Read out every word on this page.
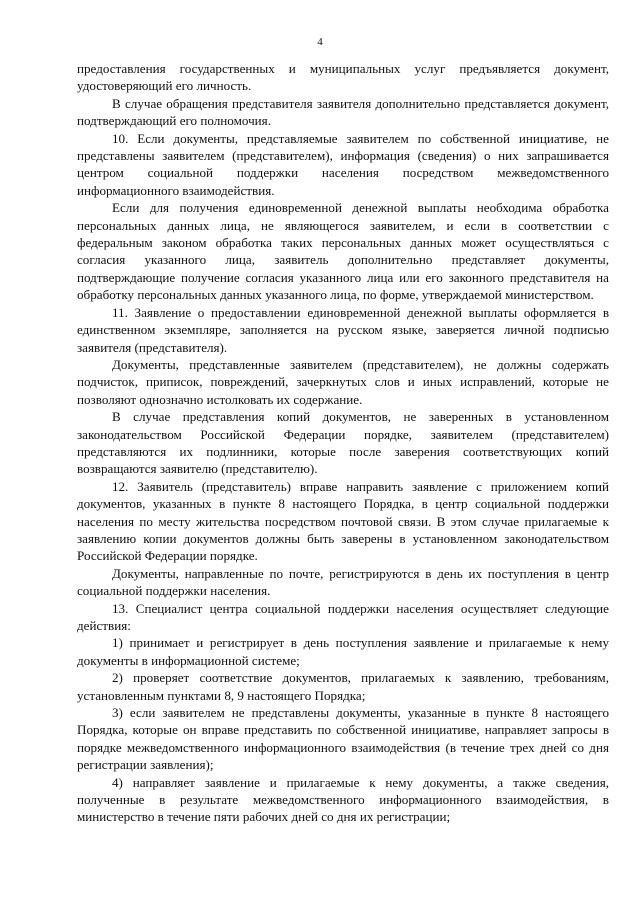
4

предоставления государственных и муниципальных услуг предъявляется документ, удостоверяющий его личность.

В случае обращения представителя заявителя дополнительно представляется документ, подтверждающий его полномочия.

10. Если документы, представляемые заявителем по собственной инициативе, не представлены заявителем (представителем), информация (сведения) о них запрашивается центром социальной поддержки населения посредством межведомственного информационного взаимодействия.

Если для получения единовременной денежной выплаты необходима обработка персональных данных лица, не являющегося заявителем, и если в соответствии с федеральным законом обработка таких персональных данных может осуществляться с согласия указанного лица, заявитель дополнительно представляет документы, подтверждающие получение согласия указанного лица или его законного представителя на обработку персональных данных указанного лица, по форме, утверждаемой министерством.

11. Заявление о предоставлении единовременной денежной выплаты оформляется в единственном экземпляре, заполняется на русском языке, заверяется личной подписью заявителя (представителя).

Документы, представленные заявителем (представителем), не должны содержать подчисток, приписок, повреждений, зачеркнутых слов и иных исправлений, которые не позволяют однозначно истолковать их содержание.

В случае представления копий документов, не заверенных в установленном законодательством Российской Федерации порядке, заявителем (представителем) представляются их подлинники, которые после заверения соответствующих копий возвращаются заявителю (представителю).

12. Заявитель (представитель) вправе направить заявление с приложением копий документов, указанных в пункте 8 настоящего Порядка, в центр социальной поддержки населения по месту жительства посредством почтовой связи. В этом случае прилагаемые к заявлению копии документов должны быть заверены в установленном законодательством Российской Федерации порядке.

Документы, направленные по почте, регистрируются в день их поступления в центр социальной поддержки населения.

13. Специалист центра социальной поддержки населения осуществляет следующие действия:

1) принимает и регистрирует в день поступления заявление и прилагаемые к нему документы в информационной системе;

2) проверяет соответствие документов, прилагаемых к заявлению, требованиям, установленным пунктами 8, 9 настоящего Порядка;

3) если заявителем не представлены документы, указанные в пункте 8 настоящего Порядка, которые он вправе представить по собственной инициативе, направляет запросы в порядке межведомственного информационного взаимодействия (в течение трех дней со дня регистрации заявления);

4) направляет заявление и прилагаемые к нему документы, а также сведения, полученные в результате межведомственного информационного взаимодействия, в министерство в течение пяти рабочих дней со дня их регистрации;
